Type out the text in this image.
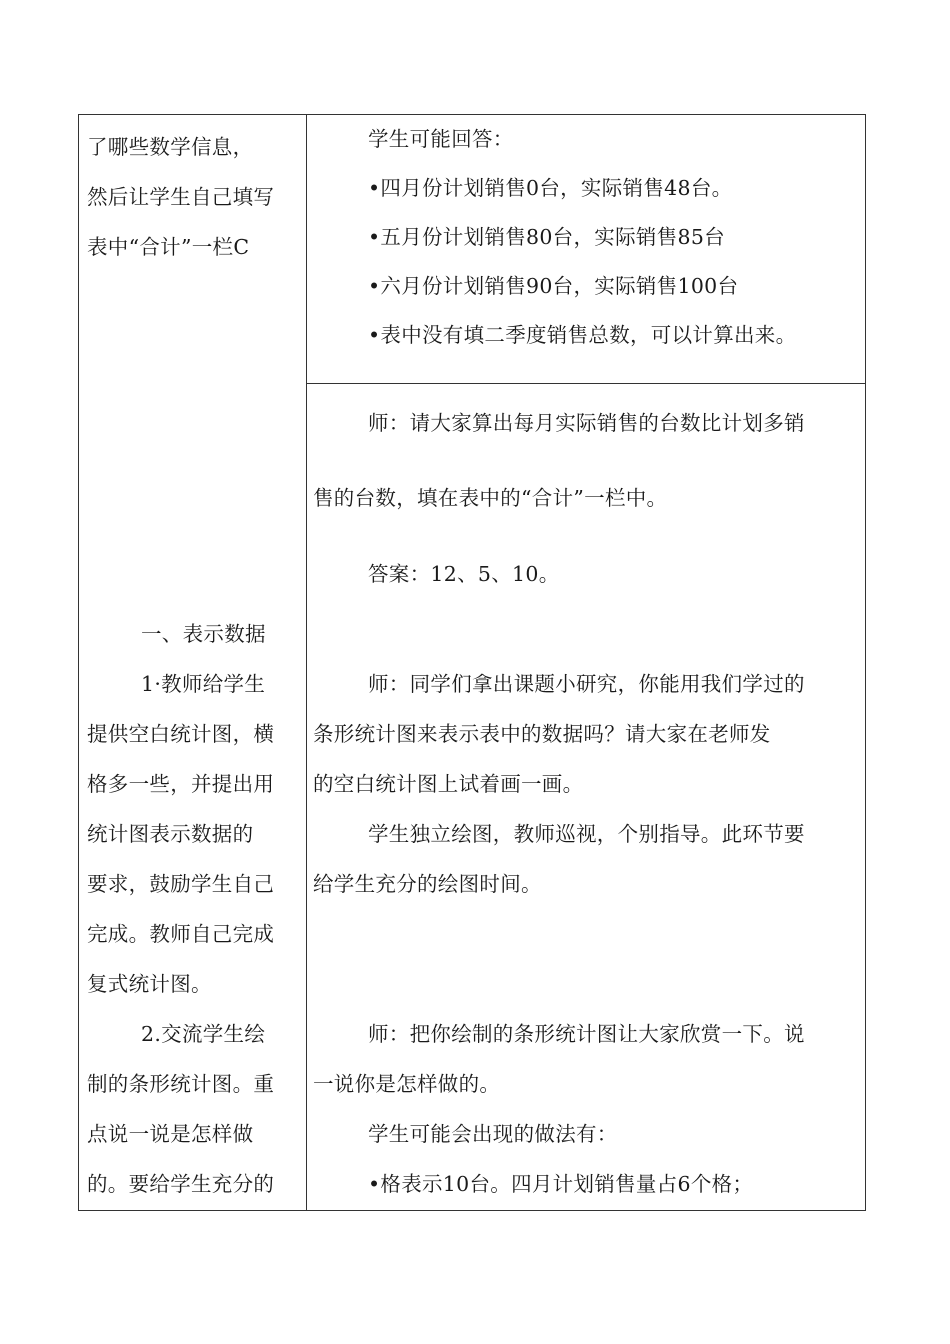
了哪些数学信息，
然后让学生自己填写
表中“合计”一栏C
一、表示数据
1·教师给学生
提供空白统计图，横
格多一些，并提出用
统计图表示数据的
要求，鼓励学生自己
完成。教师自己完成
复式统计图。
2.交流学生绘
制的条形统计图。重
点说一说是怎样做
的。要给学生充分的
学生可能回答：
•四月份计划销售0台，实际销售48台。
•五月份计划销售80台，实际销售85台
•六月份计划销售90台，实际销售100台
•表中没有填二季度销售总数，可以计算出来。
师：请大家算出每月实际销售的台数比计划多销
售的台数，填在表中的“合计”一栏中。
答案：12、5、10。
师：同学们拿出课题小研究，你能用我们学过的
条形统计图来表示表中的数据吗？请大家在老师发
的空白统计图上试着画一画。
学生独立绘图，教师巡视，个别指导。此环节要
给学生充分的绘图时间。
师：把你绘制的条形统计图让大家欣赏一下。说
一说你是怎样做的。
学生可能会出现的做法有：
•格表示10台。四月计划销售量占6个格；
